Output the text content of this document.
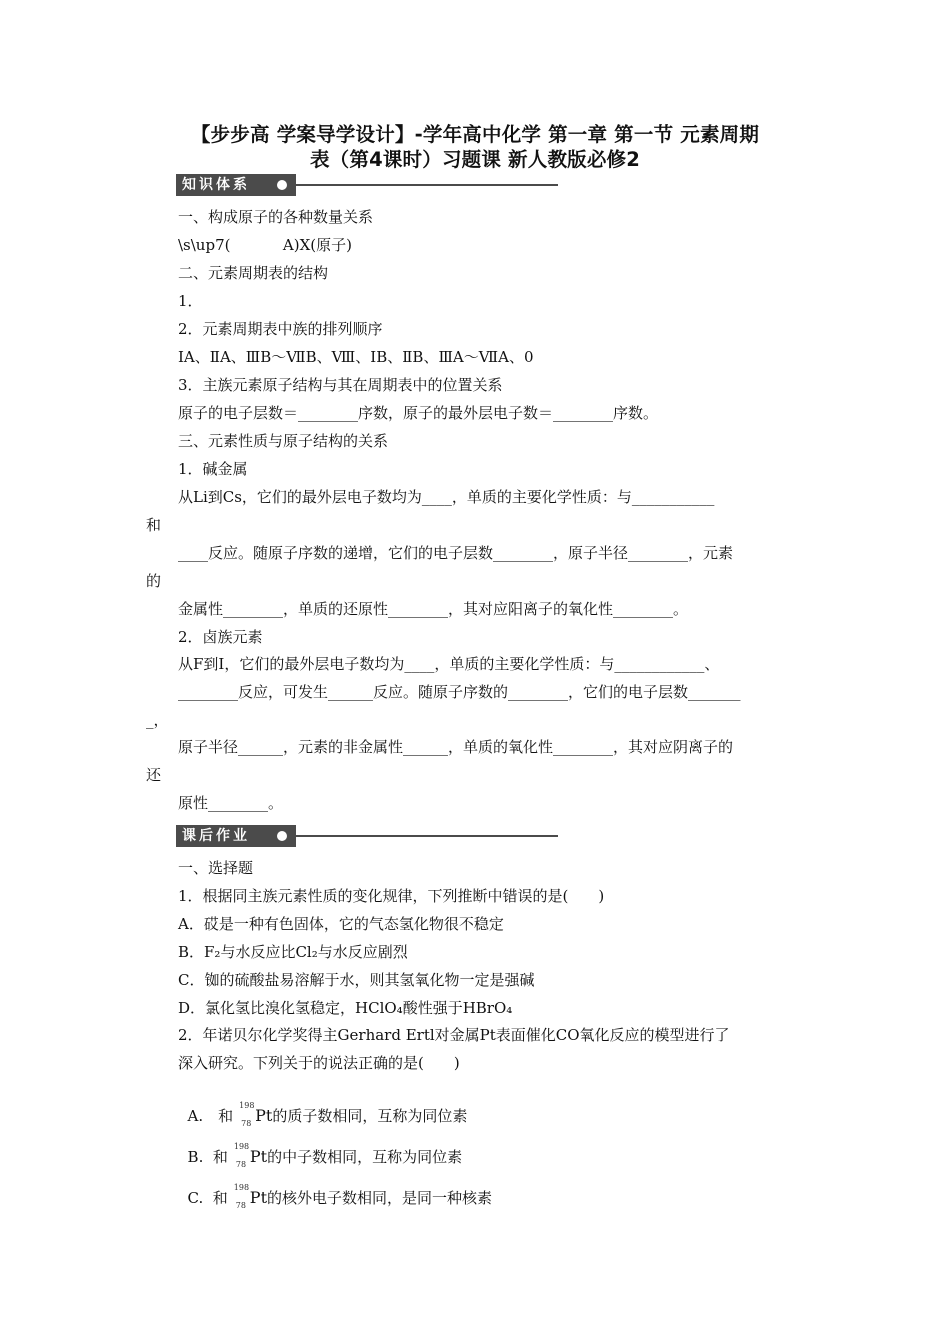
【步步高 学案导学设计】-学年高中化学 第一章 第一节 元素周期
表（第4课时）习题课 新人教版必修2
知识体系
一、构成原子的各种数量关系
\s\up7(           A)X(原子)
二、元素周期表的结构
1．
2．元素周期表中族的排列顺序
ⅠA、ⅡA、ⅢB～ⅦB、Ⅷ、ⅠB、ⅡB、ⅢA～ⅦA、0
3．主族元素原子结构与其在周期表中的位置关系
原子的电子层数＝________序数，原子的最外层电子数＝________序数。
三、元素性质与原子结构的关系
1．碱金属
从Li到Cs，它们的最外层电子数均为____，单质的主要化学性质：与___________
和
____反应。随原子序数的递增，它们的电子层数________，原子半径________，元素
的
金属性________，单质的还原性________，其对应阳离子的氧化性________。
2．卤族元素
从F到I，它们的最外层电子数均为____，单质的主要化学性质：与____________、
________反应，可发生______反应。随原子序数的________，它们的电子层数_______
_，
原子半径______，元素的非金属性______，单质的氧化性________，其对应阴离子的
还
原性________。
课后作业
一、选择题
1．根据同主族元素性质的变化规律，下列推断中错误的是(　　)
A．砹是一种有色固体，它的气态氢化物很不稳定
B．F₂与水反应比Cl₂与水反应剧烈
C．铷的硫酸盐易溶解于水，则其氢氧化物一定是强碱
D．氯化氢比溴化氢稳定，HClO₄酸性强于HBrO₄
2．年诺贝尔化学奖得主Gerhard Ertl对金属Pt表面催化CO氧化反应的模型进行了
深入研究。下列关于的说法正确的是(　　)

A.　和
198
78 Pt的质子数相同，互称为同位素

B.  和
198
78 Pt的中子数相同，互称为同位素

C.  和
198
78 Pt的核外电子数相同，是同一种核素
